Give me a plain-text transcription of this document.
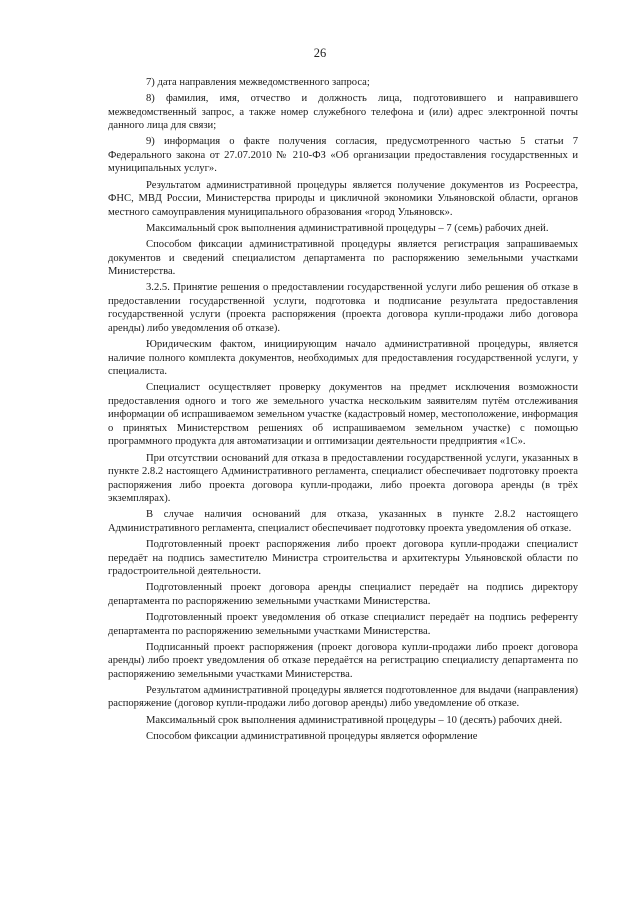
26

7) дата направления межведомственного запроса;

8) фамилия, имя, отчество и должность лица, подготовившего и направившего межведомственный запрос, а также номер служебного телефона и (или) адрес электронной почты данного лица для связи;

9) информация о факте получения согласия, предусмотренного частью 5 статьи 7 Федерального закона от 27.07.2010 № 210-ФЗ «Об организации предоставления государственных и муниципальных услуг».

Результатом административной процедуры является получение документов из Росреестра, ФНС, МВД России, Министерства природы и цикличной экономики Ульяновской области, органов местного самоуправления муниципального образования «город Ульяновск».

Максимальный срок выполнения административной процедуры – 7 (семь) рабочих дней.

Способом фиксации административной процедуры является регистрация запрашиваемых документов и сведений специалистом департамента по распоряжению земельными участками Министерства.

3.2.5. Принятие решения о предоставлении государственной услуги либо решения об отказе в предоставлении государственной услуги, подготовка и подписание результата предоставления государственной услуги (проекта распоряжения (проекта договора купли-продажи либо договора аренды) либо уведомления об отказе).

Юридическим фактом, инициирующим начало административной процедуры, является наличие полного комплекта документов, необходимых для предоставления государственной услуги, у специалиста.

Специалист осуществляет проверку документов на предмет исключения возможности предоставления одного и того же земельного участка нескольким заявителям путём отслеживания информации об испрашиваемом земельном участке (кадастровый номер, местоположение, информация о принятых Министерством решениях об испрашиваемом земельном участке) с помощью программного продукта для автоматизации и оптимизации деятельности предприятия «1С».

При отсутствии оснований для отказа в предоставлении государственной услуги, указанных в пункте 2.8.2 настоящего Административного регламента, специалист обеспечивает подготовку проекта распоряжения либо проекта договора купли-продажи, либо проекта договора аренды (в трёх экземплярах).

В случае наличия оснований для отказа, указанных в пункте 2.8.2 настоящего Административного регламента, специалист обеспечивает подготовку проекта уведомления об отказе.

Подготовленный проект распоряжения либо проект договора купли-продажи специалист передаёт на подпись заместителю Министра строительства и архитектуры Ульяновской области по градостроительной деятельности.

Подготовленный проект договора аренды специалист передаёт на подпись директору департамента по распоряжению земельными участками Министерства.

Подготовленный проект уведомления об отказе специалист передаёт на подпись референту департамента по распоряжению земельными участками Министерства.

Подписанный проект распоряжения (проект договора купли-продажи либо проект договора аренды) либо проект уведомления об отказе передаётся на регистрацию специалисту департамента по распоряжению земельными участками Министерства.

Результатом административной процедуры является подготовленное для выдачи (направления) распоряжение (договор купли-продажи либо договор аренды) либо уведомление об отказе.

Максимальный срок выполнения административной процедуры – 10 (десять) рабочих дней.

Способом фиксации административной процедуры является оформление
